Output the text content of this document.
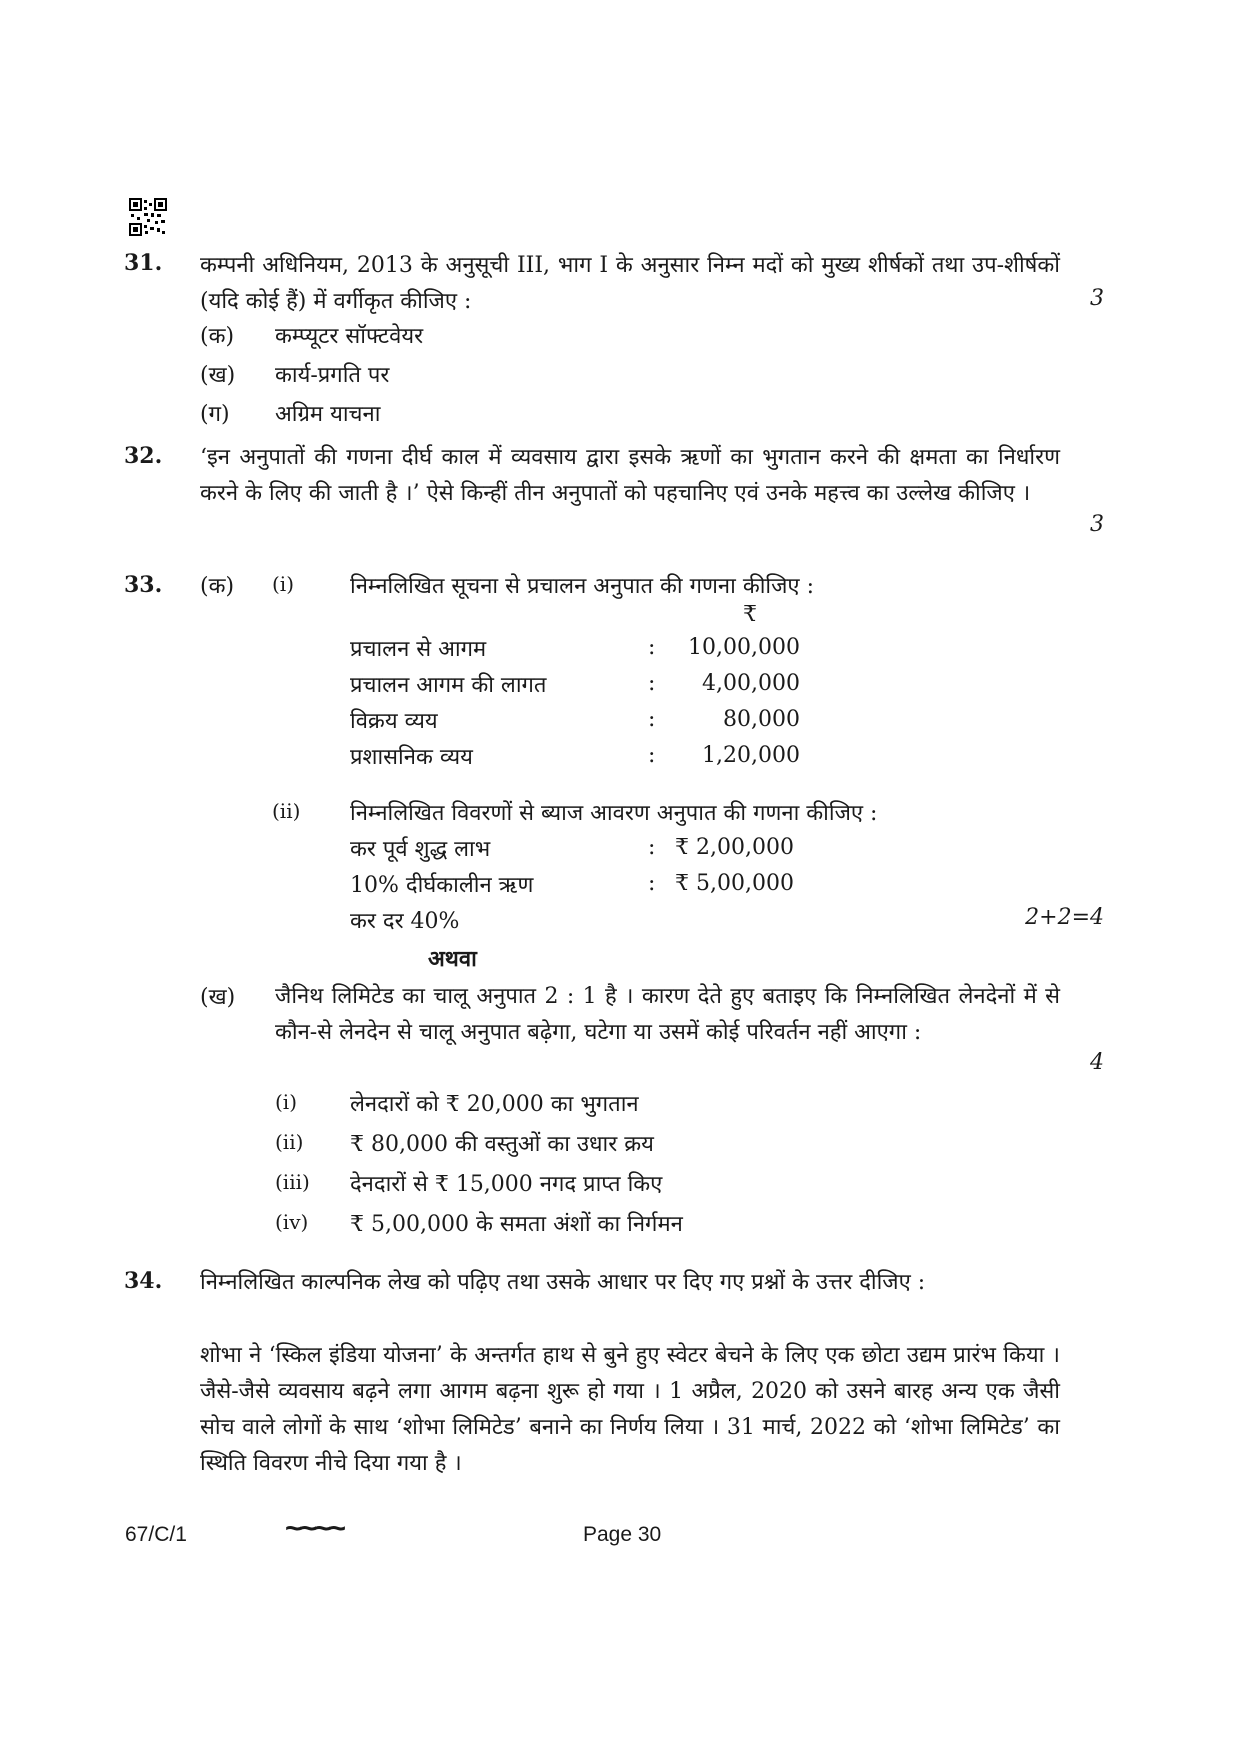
31. कम्पनी अधिनियम, 2013 के अनुसूची III, भाग I के अनुसार निम्न मदों को मुख्य शीर्षकों तथा उप-शीर्षकों (यदि कोई हैं) में वर्गीकृत कीजिए :	3
(क) कम्प्यूटर सॉफ्टवेयर
(ख) कार्य-प्रगति पर
(ग) अग्रिम याचना
32. ‘इन अनुपातों की गणना दीर्घ काल में व्यवसाय द्वारा इसके ऋणों का भुगतान करने की क्षमता का निर्धारण करने के लिए की जाती है ।’ ऐसे किन्हीं तीन अनुपातों को पहचानिए एवं उनके महत्त्व का उल्लेख कीजिए ।
3
33. (क) (i)	निम्नलिखित सूचना से प्रचालन अनुपात की गणना कीजिए :
₹
प्रचालन से आगम	:	10,00,000
प्रचालन आगम की लागत	:	4,00,000
विक्रय व्यय	:	80,000
प्रशासनिक व्यय	:	1,20,000
(ii) निम्नलिखित विवरणों से ब्याज आवरण अनुपात की गणना कीजिए :
कर पूर्व शुद्ध लाभ	: ₹ 2,00,000
10% दीर्घकालीन ऋण	: ₹ 5,00,000
कर दर 40%	2+2=4
अथवा
(ख) जैनिथ लिमिटेड का चालू अनुपात 2 : 1 है । कारण देते हुए बताइए कि निम्नलिखित लेनदेनों में से कौन-से लेनदेन से चालू अनुपात बढ़ेगा, घटेगा या उसमें कोई परिवर्तन नहीं आएगा :
4
(i) लेनदारों को ₹ 20,000 का भुगतान
(ii) ₹ 80,000 की वस्तुओं का उधार क्रय
(iii) देनदारों से ₹ 15,000 नगद प्राप्त किए
(iv) ₹ 5,00,000 के समता अंशों का निर्गमन
34. निम्नलिखित काल्पनिक लेख को पढ़िए तथा उसके आधार पर दिए गए प्रश्नों के उत्तर दीजिए :
शोभा ने ‘स्किल इंडिया योजना’ के अन्तर्गत हाथ से बुने हुए स्वेटर बेचने के लिए एक छोटा उद्यम प्रारंभ किया । जैसे-जैसे व्यवसाय बढ़ने लगा आगम बढ़ना शुरू हो गया । 1 अप्रैल, 2020 को उसने बारह अन्य एक जैसी सोच वाले लोगों के साथ ‘शोभा लिमिटेड’ बनाने का निर्णय लिया । 31 मार्च, 2022 को ‘शोभा लिमिटेड’ का स्थिति विवरण नीचे दिया गया है ।
67/C/1	~~~~	Page 30
